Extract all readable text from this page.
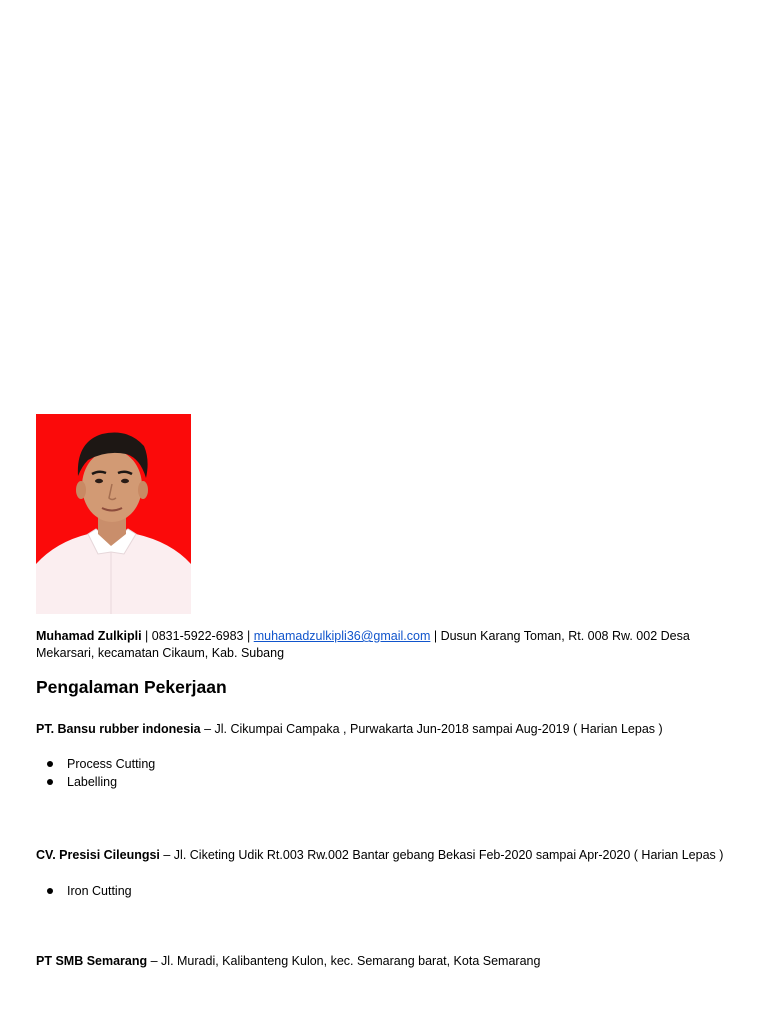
Muhamad Zulkipli | 0831-5922-6983 | muhamadzulkipli36@gmail.com | Dusun Karang Toman, Rt. 008 Rw. 002 Desa Mekarsari, kecamatan Cikaum, Kab. Subang
Pengalaman Pekerjaan
PT. Bansu rubber indonesia – Jl. Cikumpai Campaka , Purwakarta Jun-2018 sampai Aug-2019 ( Harian Lepas )
Process Cutting
Labelling
CV. Presisi Cileungsi – Jl. Ciketing Udik Rt.003 Rw.002 Bantar gebang Bekasi Feb-2020 sampai Apr-2020 ( Harian Lepas )
Iron Cutting
PT SMB Semarang – Jl. Muradi, Kalibanteng Kulon, kec. Semarang barat, Kota Semarang
